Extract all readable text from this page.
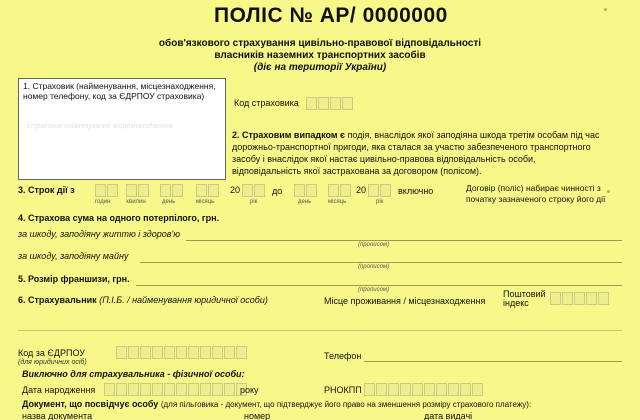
ПОЛІС № АР/ 0000000
обов'язкового страхування цивільно-правової відповідальності
власників наземних транспортних засобів
(діє на території України)
1. Страховик (найменування, місцезнаходження, номер телефону, код за ЄДРПОУ страховика)
страховик найменування місцезнаходження
Код страховика
2. Страховим випадком є подія, внаслідок якої заподіяна шкода третім особам під час
дорожньо-транспортної пригоди, яка сталася за участю забезпеченого транспортного
засобу і внаслідок якої настає цивільно-правова відповідальність особи,
відповідальність якої застрахована за договором (полісом).
3. Строк дії з	20	до	20	включно
годин	хвилин	день	місяць	рік	день	місяць	рік
Договір (поліс) набирає чинності з
початку зазначеного строку його дії
4. Страхова сума на одного потерпілого, грн.
за шкоду, заподіяну життю і здоров'ю
(прописом)
за шкоду, заподіяну майну
(прописом)
5. Розмір франшизи, грн.
(прописом)
6. Страхувальник (П.І.Б. / найменування юридичної особи)	Місце проживання / місцезнаходження
Поштовий
індекс
Код за ЄДРПОУ
(для юридичних осіб)
Телефон
Виключно для страхувальника - фізичної особи:
Дата народження	року	РНОКПП
Документ, що посвідчує особу (для пільговика - документ, що підтверджує його право на зменшення розміру страхового платежу):
назва документа	номер	дата видачі
